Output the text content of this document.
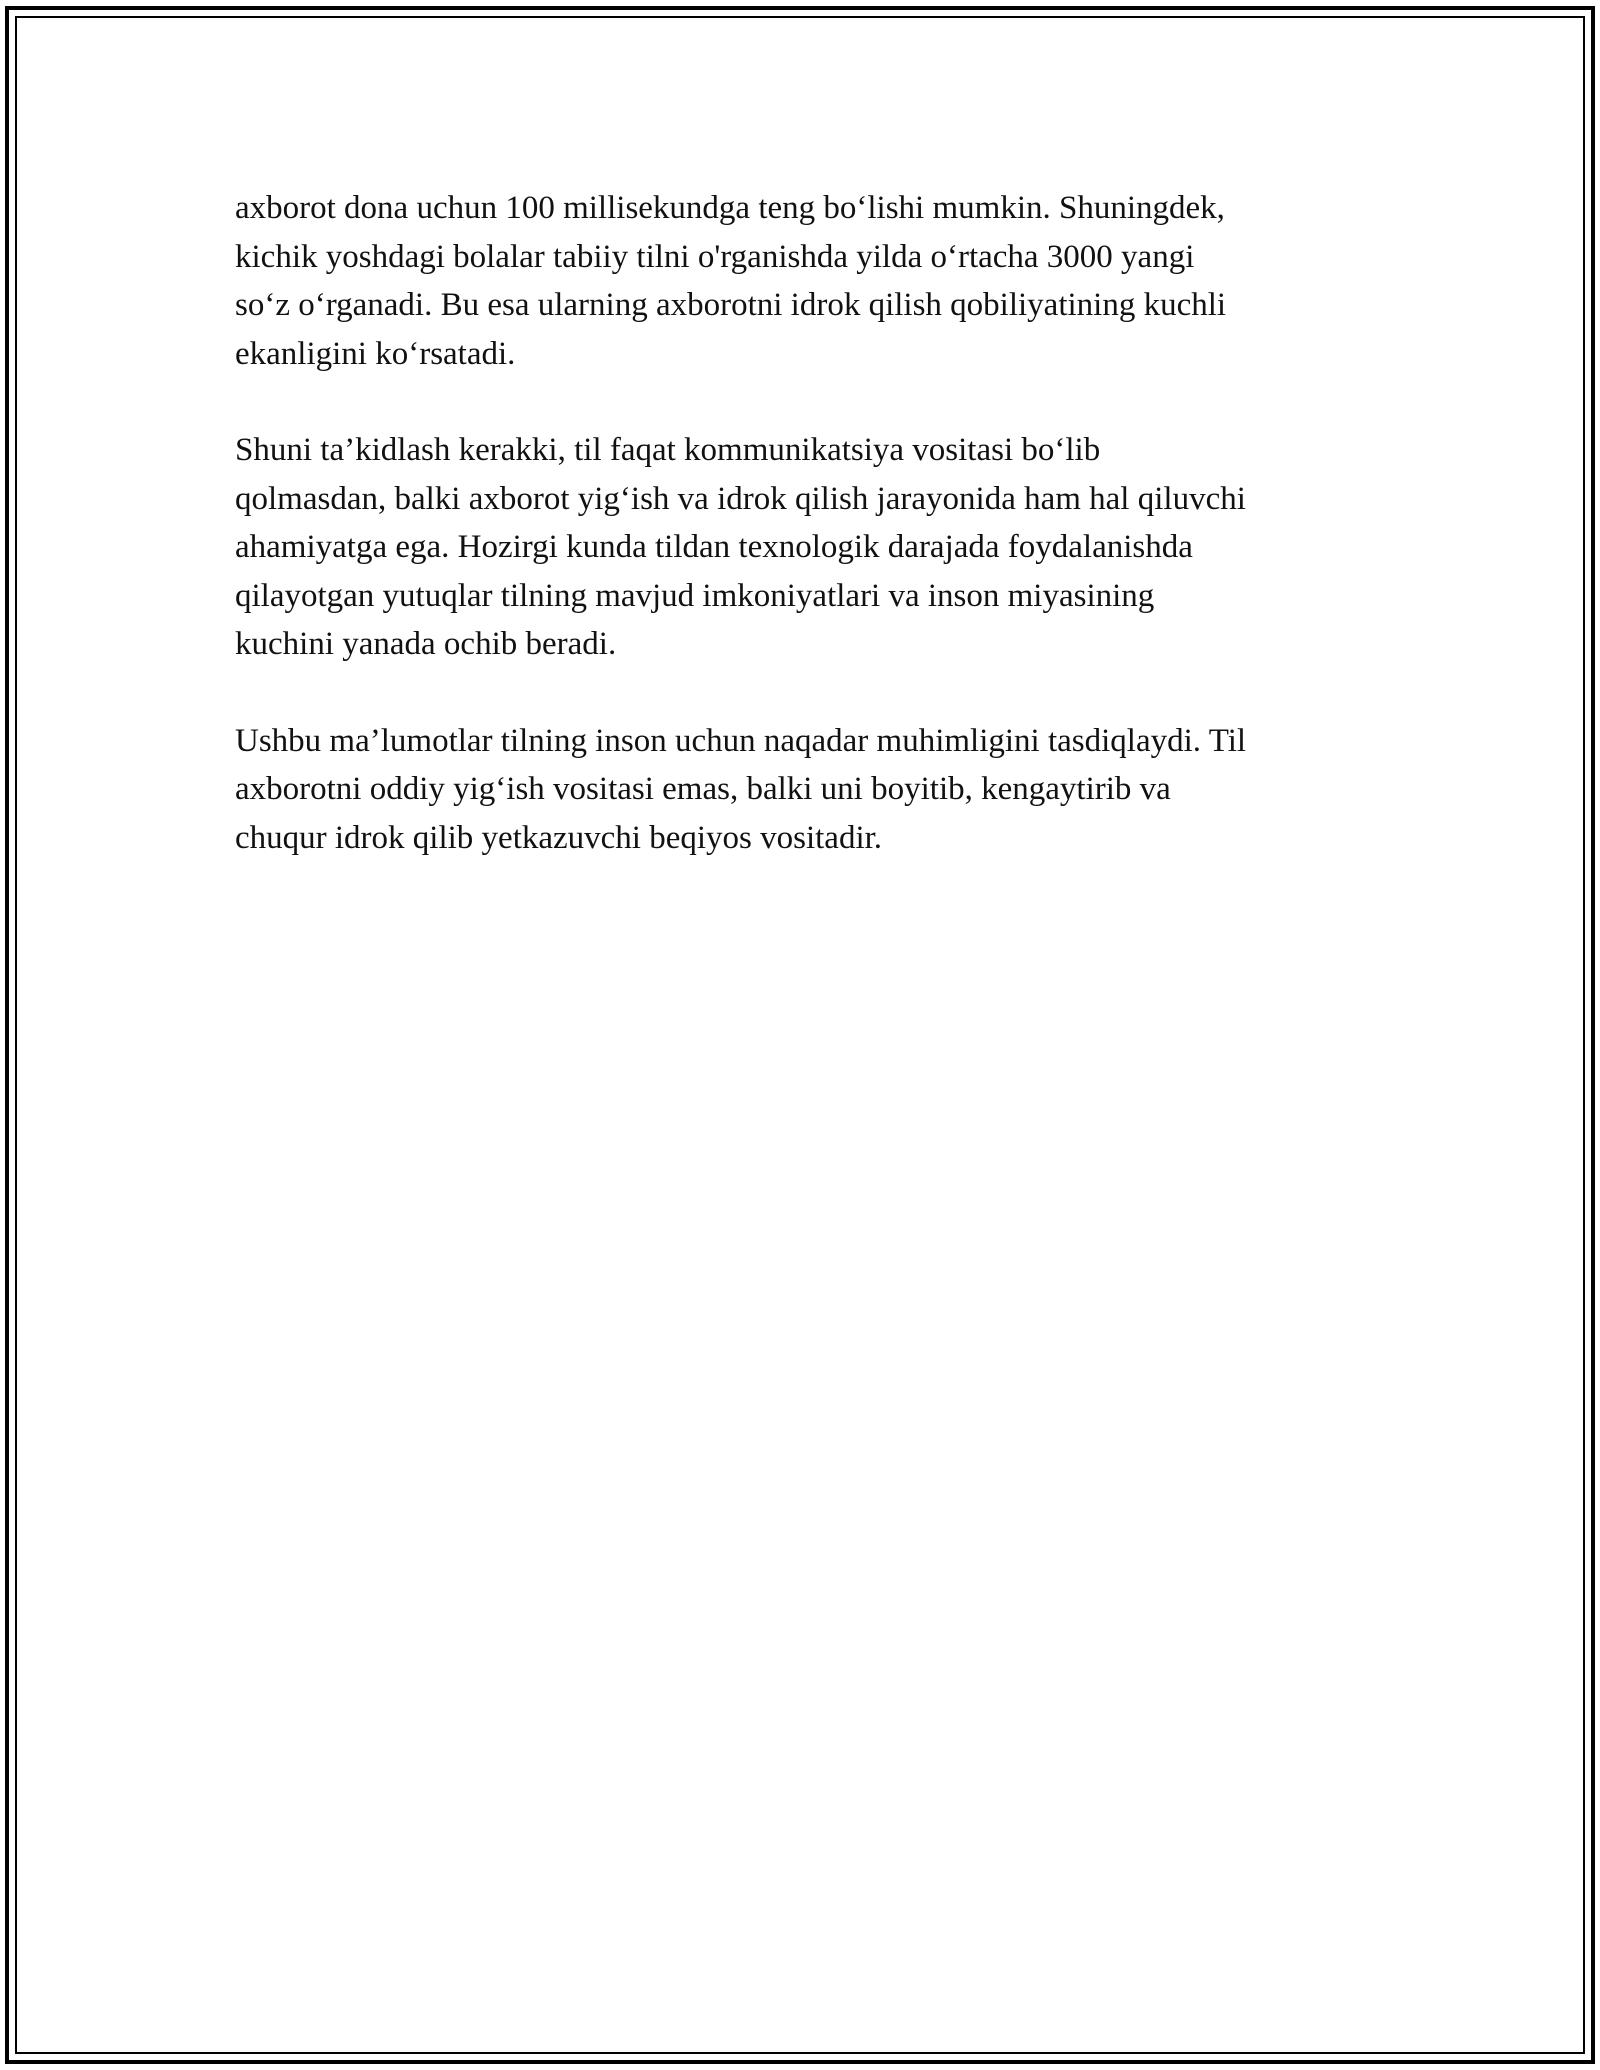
axborot dona uchun 100 millisekundga teng bo‘lishi mumkin. Shuningdek,
kichik yoshdagi bolalar tabiiy tilni o'rganishda yilda o‘rtacha 3000 yangi
so‘z o‘rganadi. Bu esa ularning axborotni idrok qilish qobiliyatining kuchli
ekanligini ko‘rsatadi.

Shuni ta’kidlash kerakki, til faqat kommunikatsiya vositasi bo‘lib
qolmasdan, balki axborot yig‘ish va idrok qilish jarayonida ham hal qiluvchi
ahamiyatga ega. Hozirgi kunda tildan texnologik darajada foydalanishda
qilayotgan yutuqlar tilning mavjud imkoniyatlari va inson miyasining
kuchini yanada ochib beradi.

Ushbu ma’lumotlar tilning inson uchun naqadar muhimligini tasdiqlaydi. Til
axborotni oddiy yig‘ish vositasi emas, balki uni boyitib, kengaytirib va
chuqur idrok qilib yetkazuvchi beqiyos vositadir.
